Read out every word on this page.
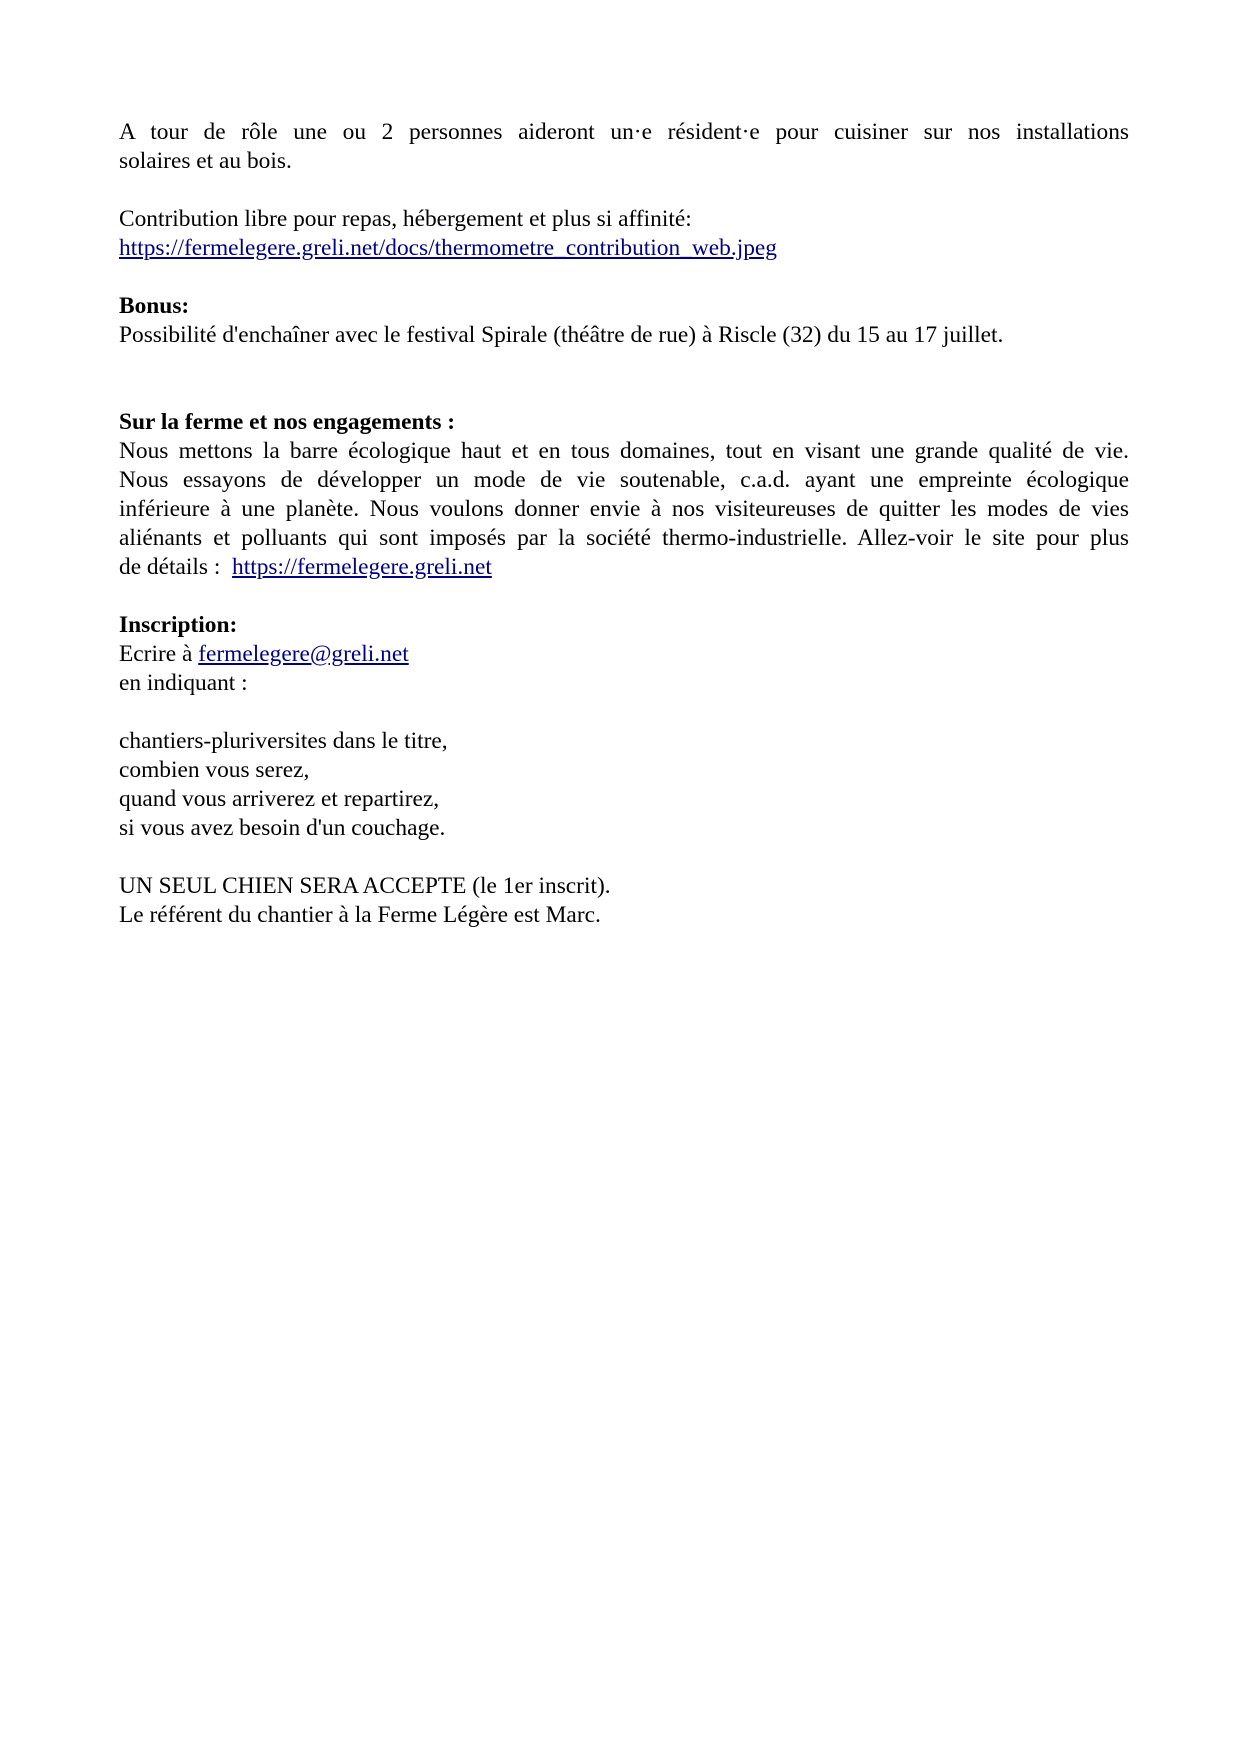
A tour de rôle une ou 2 personnes aideront un·e résident·e pour cuisiner sur nos installations
solaires et au bois.
Contribution libre pour repas, hébergement et plus si affinité:
https://fermelegere.greli.net/docs/thermometre_contribution_web.jpeg
Bonus:
Possibilité d'enchaîner avec le festival Spirale (théâtre de rue) à Riscle (32) du 15 au 17 juillet.
Sur la ferme et nos engagements :
Nous mettons la barre écologique haut et en tous domaines, tout en visant une grande qualité de vie.
Nous essayons de développer un mode de vie soutenable, c.a.d. ayant une empreinte écologique
inférieure à une planète. Nous voulons donner envie à nos visiteureuses de quitter les modes de vies
aliénants et polluants qui sont imposés par la société thermo-industrielle. Allez-voir le site pour plus
de détails : https://fermelegere.greli.net
Inscription:
Ecrire à fermelegere@greli.net
en indiquant :
chantiers-pluriversites dans le titre,
combien vous serez,
quand vous arriverez et repartirez,
si vous avez besoin d'un couchage.
UN SEUL CHIEN SERA ACCEPTE (le 1er inscrit).
Le référent du chantier à la Ferme Légère est Marc.
